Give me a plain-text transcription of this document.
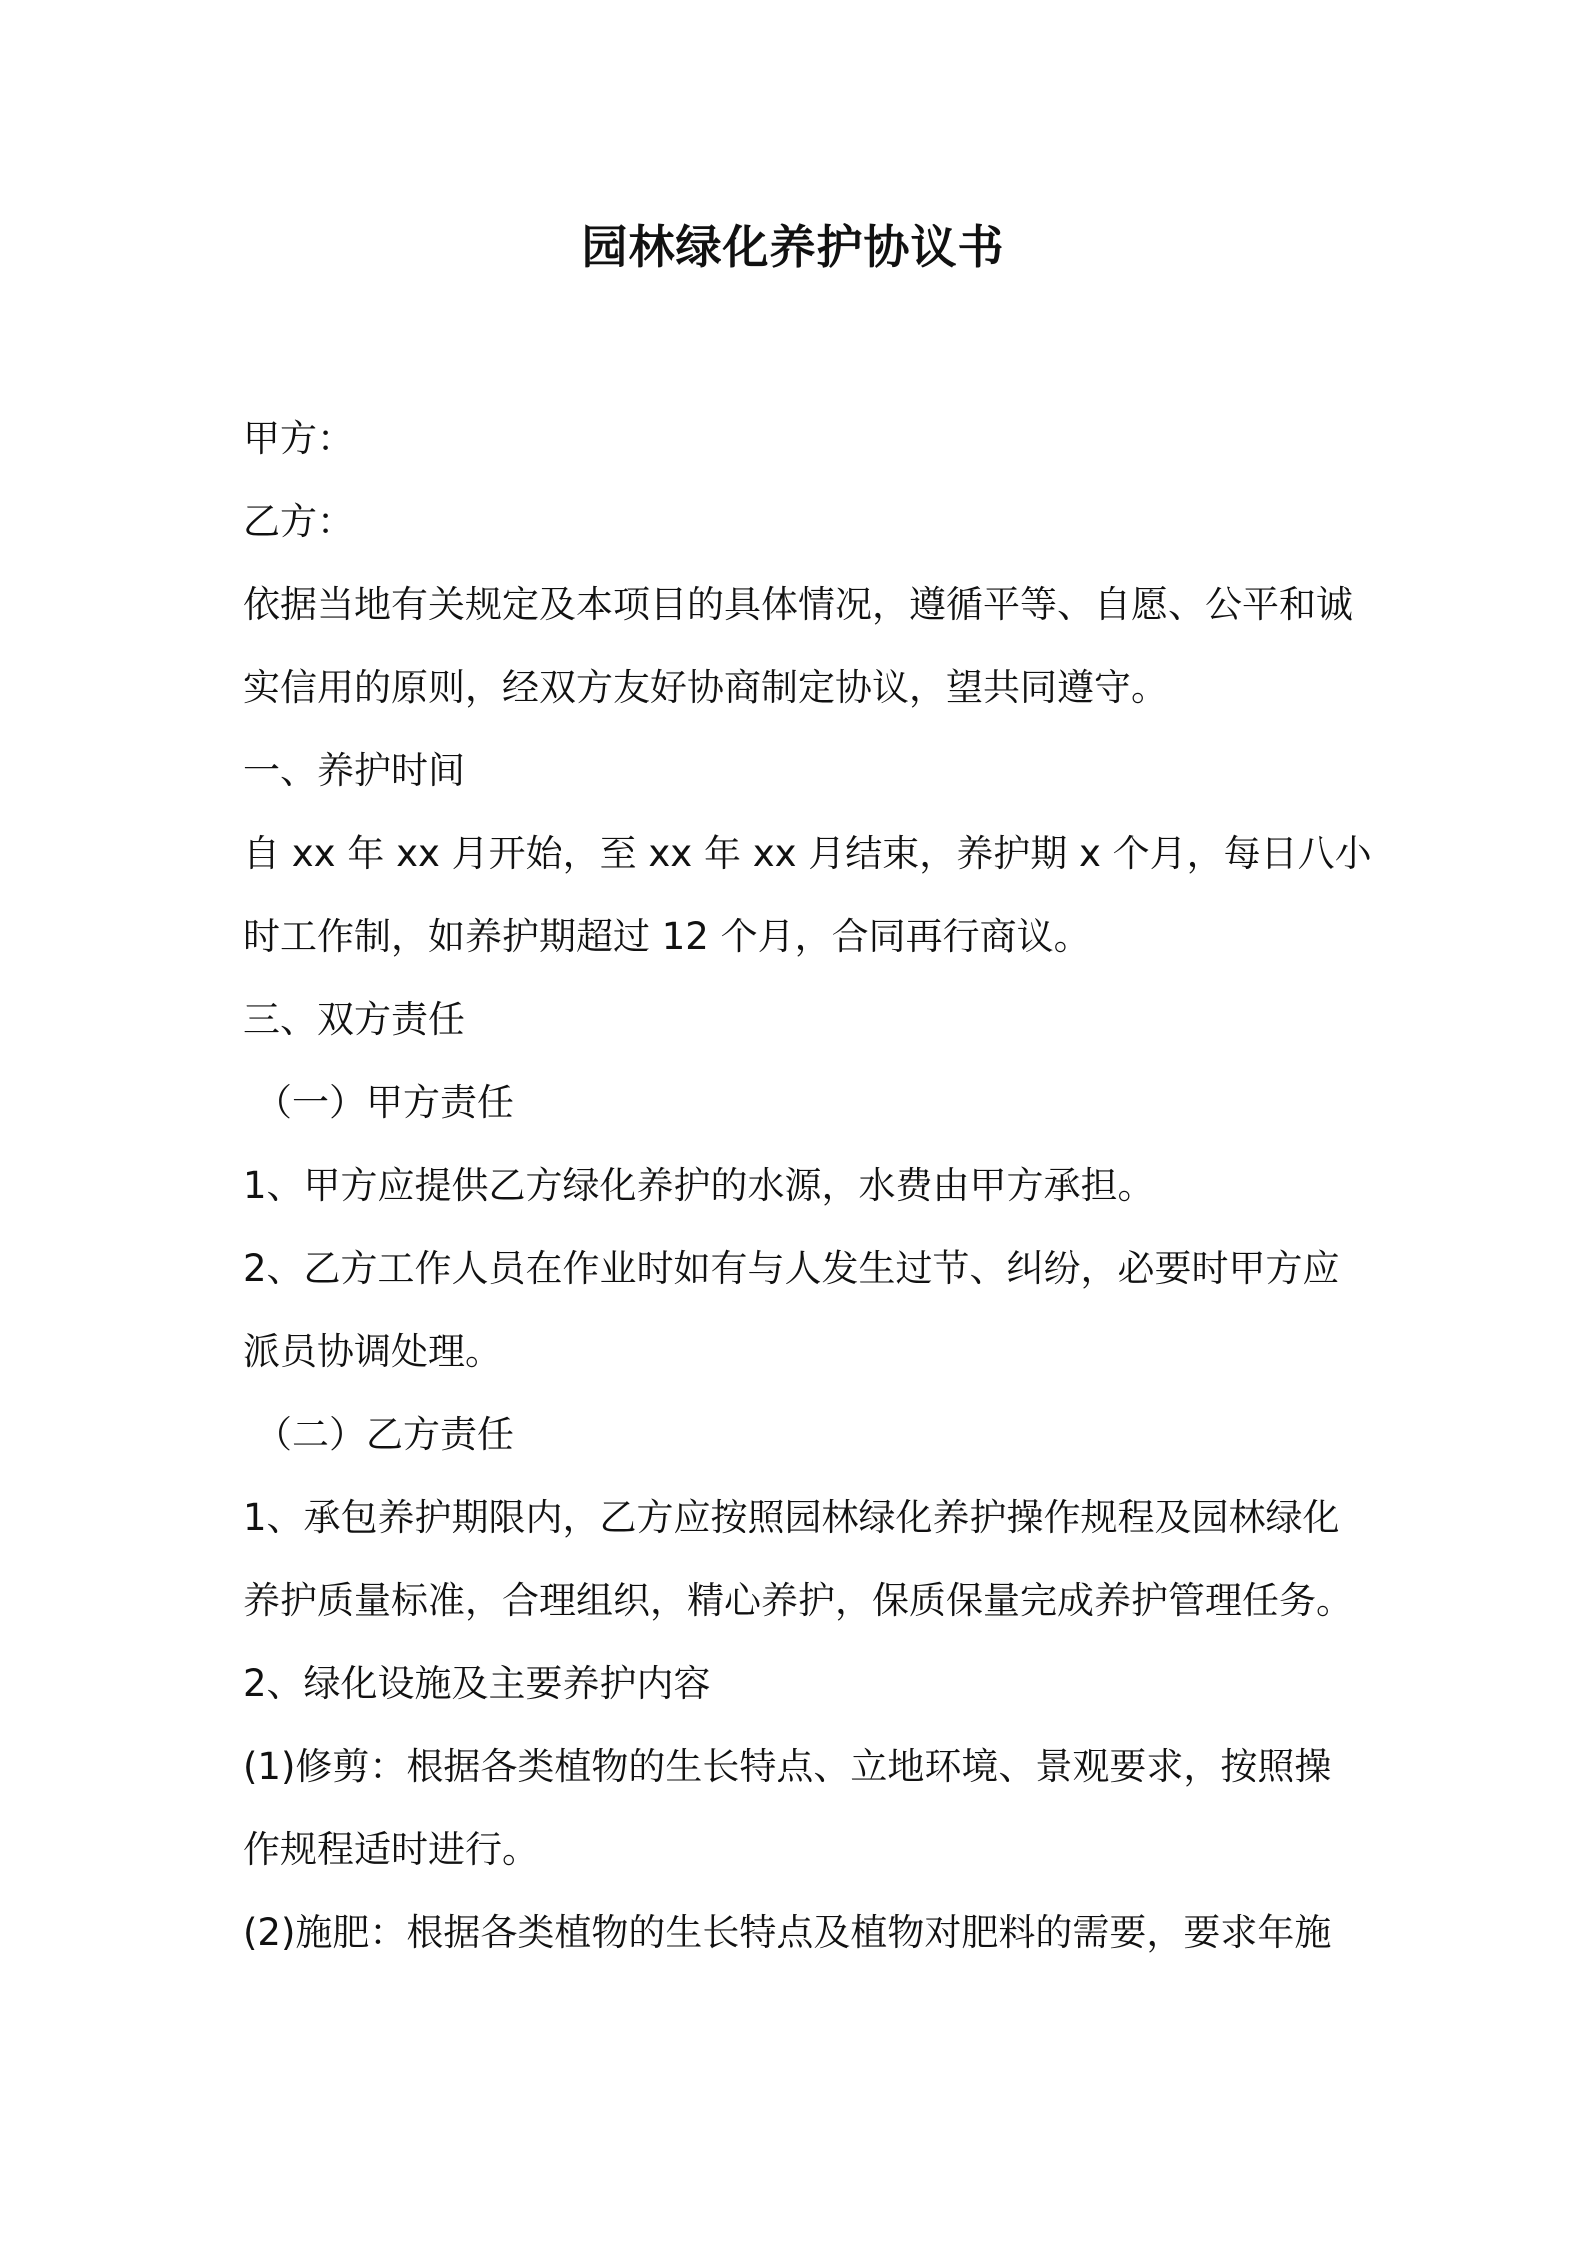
园林绿化养护协议书
甲方：
乙方：
依据当地有关规定及本项目的具体情况，遵循平等、自愿、公平和诚
实信用的原则，经双方友好协商制定协议，望共同遵守。
一、养护时间
自 xx 年 xx 月开始，至 xx 年 xx 月结束，养护期 x 个月，每日八小
时工作制，如养护期超过 12 个月，合同再行商议。
三、双方责任
（一）甲方责任
1、甲方应提供乙方绿化养护的水源，水费由甲方承担。
2、乙方工作人员在作业时如有与人发生过节、纠纷，必要时甲方应
派员协调处理。
（二）乙方责任
1、承包养护期限内，乙方应按照园林绿化养护操作规程及园林绿化
养护质量标准，合理组织，精心养护，保质保量完成养护管理任务。
2、绿化设施及主要养护内容
(1)修剪：根据各类植物的生长特点、立地环境、景观要求，按照操
作规程适时进行。
(2)施肥：根据各类植物的生长特点及植物对肥料的需要，要求年施
